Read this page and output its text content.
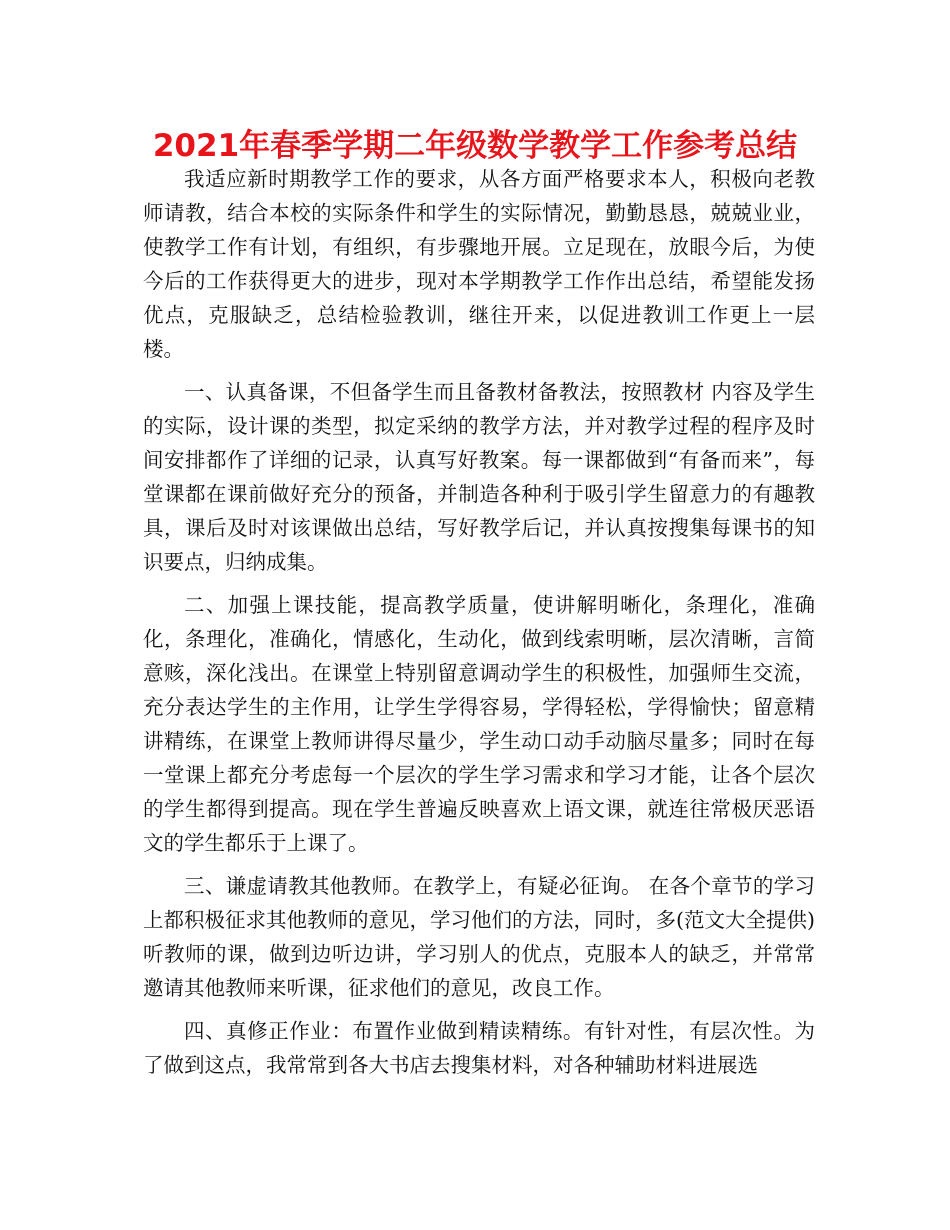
2021年春季学期二年级数学教学工作参考总结

我适应新时期教学工作的要求，从各方面严格要求本人，积极向老教师请教，结合本校的实际条件和学生的实际情况，勤勤恳恳，兢兢业业，使教学工作有计划，有组织，有步骤地开展。立足现在，放眼今后，为使今后的工作获得更大的进步，现对本学期教学工作作出总结，希望能发扬优点，克服缺乏，总结检验教训，继往开来，以促进教训工作更上一层楼。

一、认真备课，不但备学生而且备教材备教法，按照教材 内容及学生的实际，设计课的类型，拟定采纳的教学方法，并对教学过程的程序及时间安排都作了详细的记录，认真写好教案。每一课都做到“有备而来”，每堂课都在课前做好充分的预备，并制造各种利于吸引学生留意力的有趣教具，课后及时对该课做出总结，写好教学后记，并认真按搜集每课书的知识要点，归纳成集。

二、加强上课技能，提高教学质量，使讲解明晰化，条理化，准确化，条理化，准确化，情感化，生动化，做到线索明晰，层次清晰，言简意赅，深化浅出。在课堂上特别留意调动学生的积极性，加强师生交流，充分表达学生的主作用，让学生学得容易，学得轻松，学得愉快；留意精讲精练，在课堂上教师讲得尽量少，学生动口动手动脑尽量多；同时在每一堂课上都充分考虑每一个层次的学生学习需求和学习才能，让各个层次的学生都得到提高。现在学生普遍反映喜欢上语文课，就连往常极厌恶语文的学生都乐于上课了。

三、谦虚请教其他教师。在教学上，有疑必征询。 在各个章节的学习上都积极征求其他教师的意见，学习他们的方法，同时，多(范文大全提供)听教师的课，做到边听边讲，学习别人的优点，克服本人的缺乏，并常常邀请其他教师来听课，征求他们的意见，改良工作。

四、真修正作业：布置作业做到精读精练。有针对性，有层次性。为了做到这点，我常常到各大书店去搜集材料，对各种辅助材料进展选
